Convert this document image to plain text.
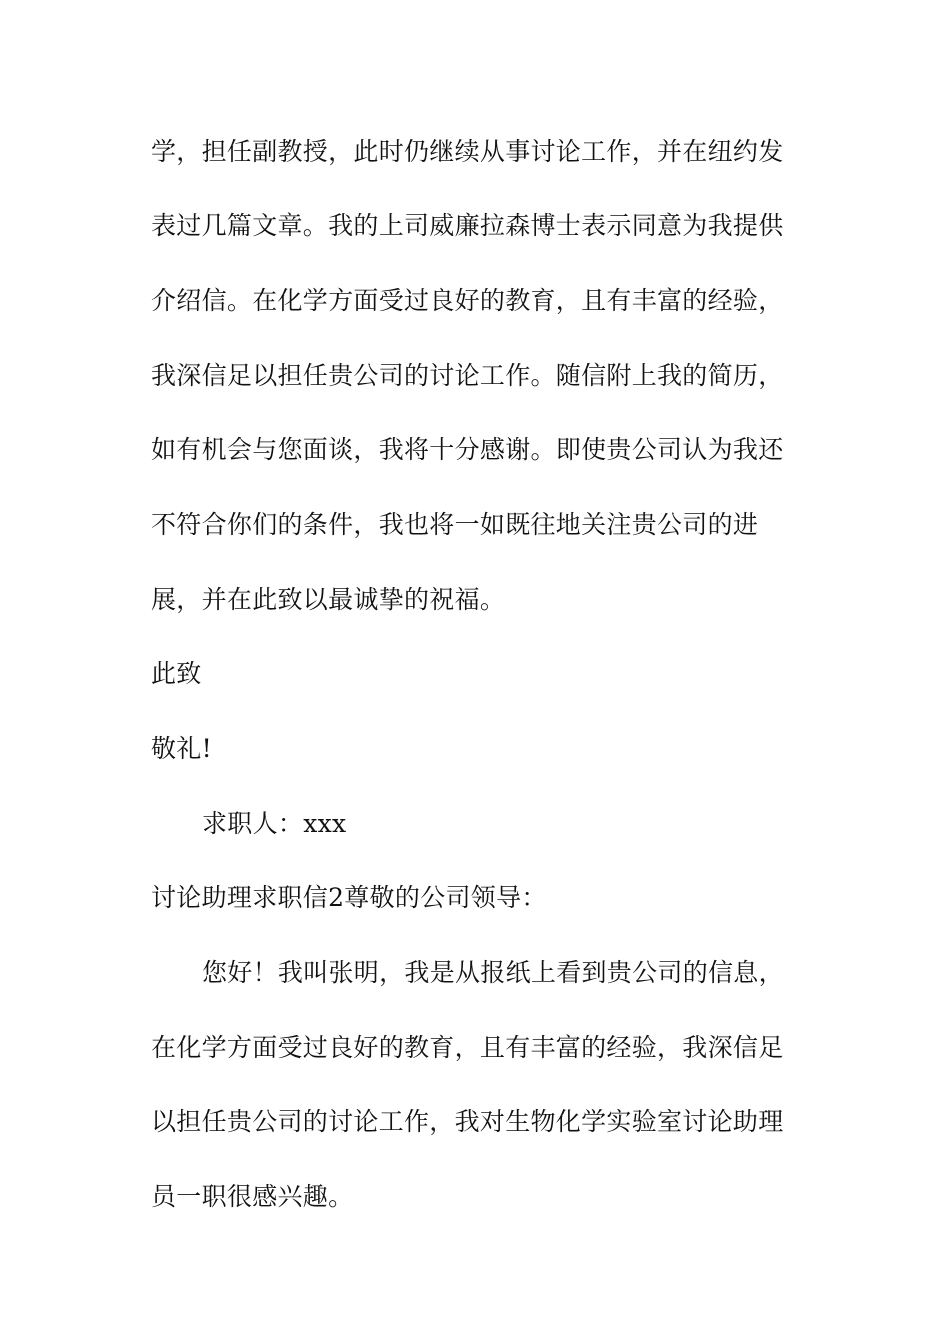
学，担任副教授，此时仍继续从事讨论工作，并在纽约发
表过几篇文章。我的上司威廉拉森博士表示同意为我提供
介绍信。在化学方面受过良好的教育，且有丰富的经验，
我深信足以担任贵公司的讨论工作。随信附上我的简历，
如有机会与您面谈，我将十分感谢。即使贵公司认为我还
不符合你们的条件，我也将一如既往地关注贵公司的进
展，并在此致以最诚挚的祝福。
此致
敬礼!
求职人：xxx
讨论助理求职信2尊敬的公司领导：
您好！我叫张明，我是从报纸上看到贵公司的信息，
在化学方面受过良好的教育，且有丰富的经验，我深信足
以担任贵公司的讨论工作，我对生物化学实验室讨论助理
员一职很感兴趣。
